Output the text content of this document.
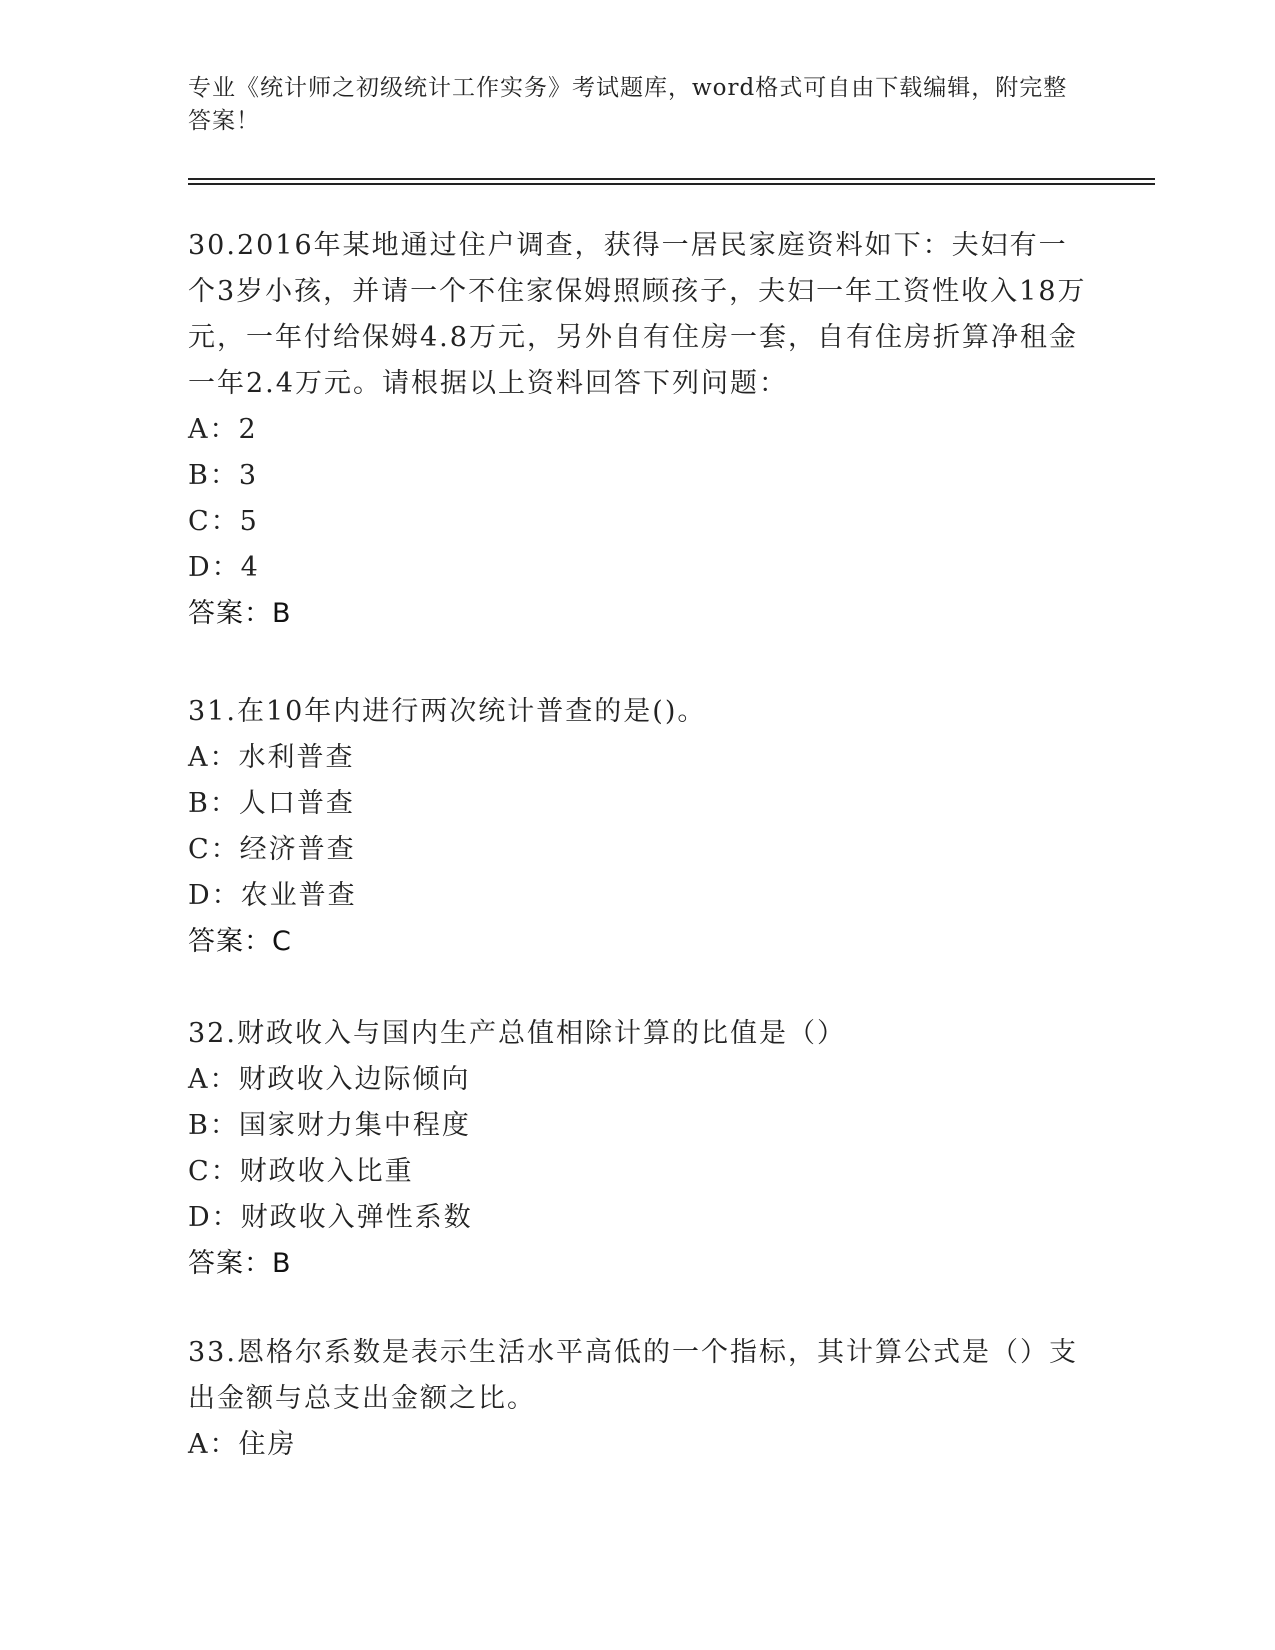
专业《统计师之初级统计工作实务》考试题库，word格式可自由下载编辑，附完整答案！

30.2016年某地通过住户调查，获得一居民家庭资料如下：夫妇有一个3岁小孩，并请一个不住家保姆照顾孩子，夫妇一年工资性收入18万元，一年付给保姆4.8万元，另外自有住房一套，自有住房折算净租金一年2.4万元。请根据以上资料回答下列问题：

A：2
B：3
C：5
D：4

答案：B

31.在10年内进行两次统计普查的是()。

A：水利普查
B：人口普查
C：经济普查
D：农业普查

答案：C

32.财政收入与国内生产总值相除计算的比值是（）

A：财政收入边际倾向
B：国家财力集中程度
C：财政收入比重
D：财政收入弹性系数

答案：B

33.恩格尔系数是表示生活水平高低的一个指标，其计算公式是（）支出金额与总支出金额之比。

A：住房
